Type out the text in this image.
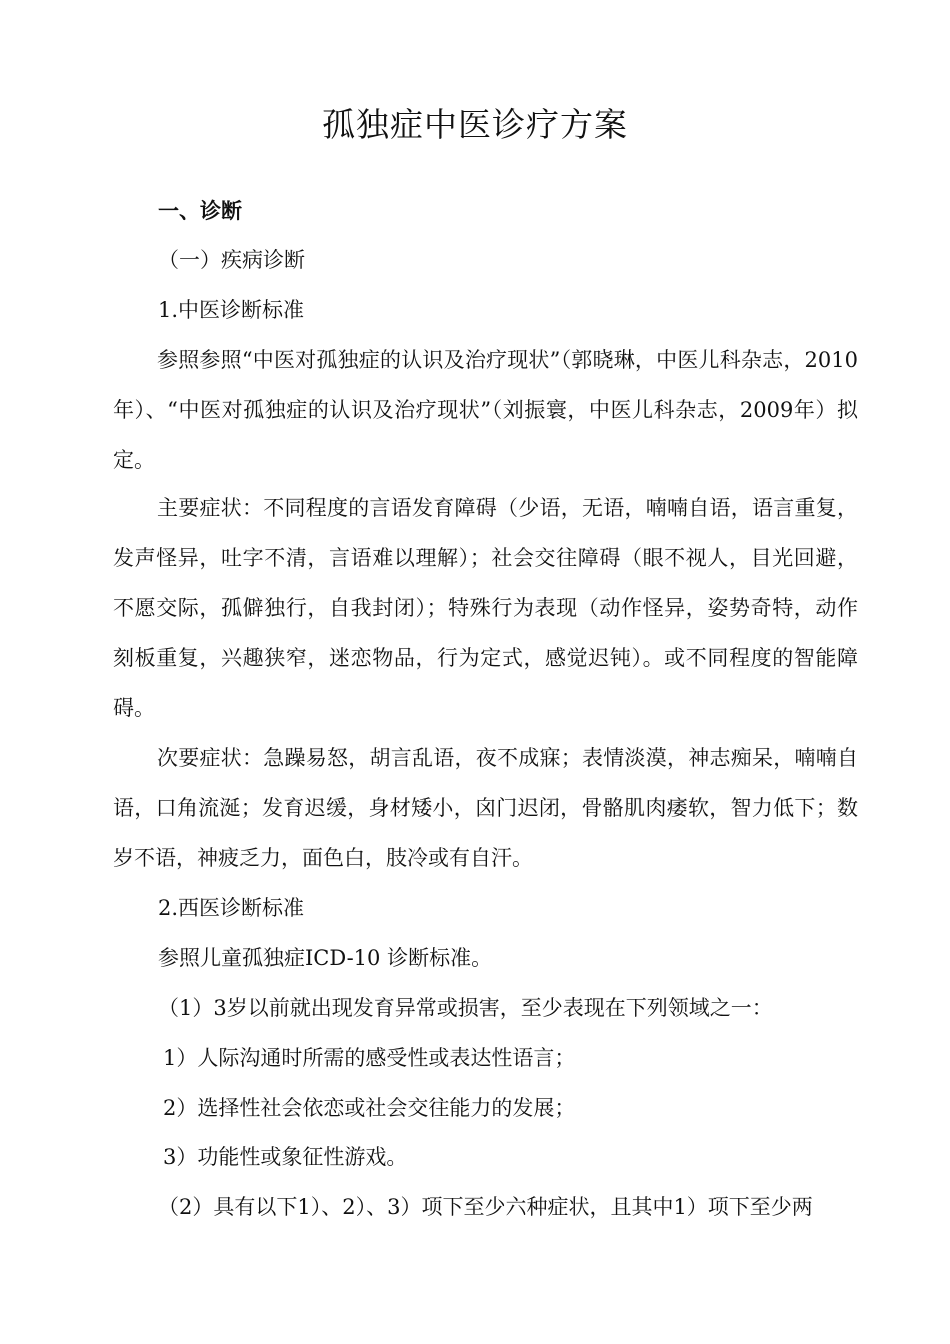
孤独症中医诊疗方案

一、诊断

（一）疾病诊断

1.中医诊断标准

参照参照“中医对孤独症的认识及治疗现状”（郭晓琳，中医儿科杂志，2010年）、“中医对孤独症的认识及治疗现状”（刘振寰，中医儿科杂志，2009年）拟定。

主要症状：不同程度的言语发育障碍（少语，无语，喃喃自语，语言重复，发声怪异，吐字不清，言语难以理解）；社会交往障碍（眼不视人，目光回避，不愿交际，孤僻独行，自我封闭）；特殊行为表现（动作怪异，姿势奇特，动作刻板重复，兴趣狭窄，迷恋物品，行为定式，感觉迟钝）。或不同程度的智能障碍。

次要症状：急躁易怒，胡言乱语，夜不成寐；表情淡漠，神志痴呆，喃喃自语，口角流涎；发育迟缓，身材矮小，囟门迟闭，骨骼肌肉痿软，智力低下；数岁不语，神疲乏力，面色白，肢冷或有自汗。

2.西医诊断标准

参照儿童孤独症ICD-10 诊断标准。

（1）3岁以前就出现发育异常或损害，至少表现在下列领域之一：

1）人际沟通时所需的感受性或表达性语言；

2）选择性社会依恋或社会交往能力的发展；

3）功能性或象征性游戏。

（2）具有以下1）、2）、3）项下至少六种症状，且其中1）项下至少两
